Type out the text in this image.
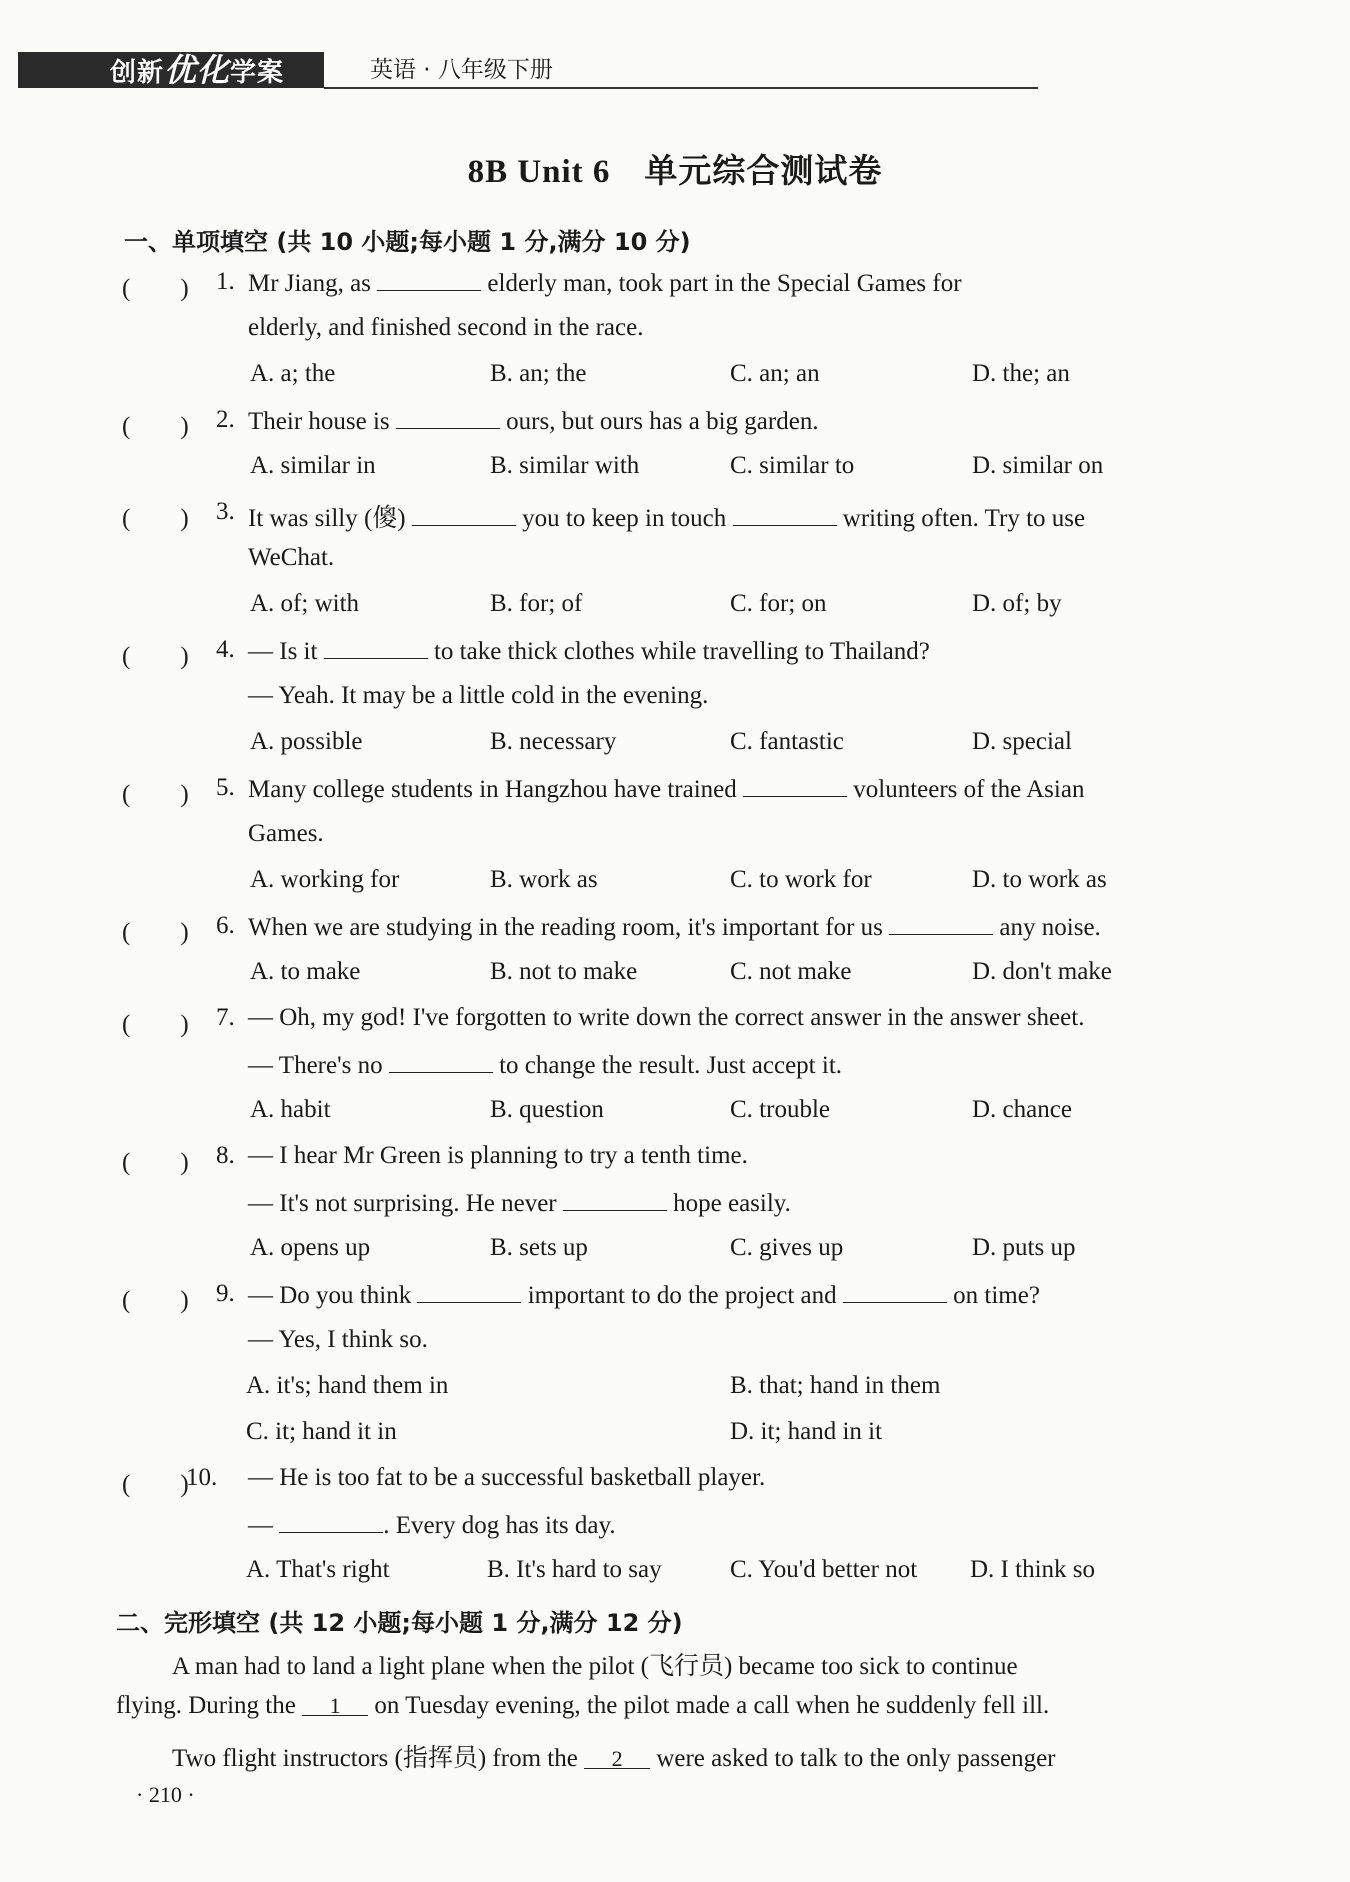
创新优化学案	英语 · 八年级下册
8B Unit 6　单元综合测试卷
一、单项填空 (共 10 小题;每小题 1 分,满分 10 分)
(　　) 1. Mr Jiang, as	elderly man, took part in the Special Games for
elderly, and finished second in the race.
A. a; the	B. an; the	C. an; an	D. the; an
(　　) 2. Their house is	ours, but ours has a big garden.
A. similar in	B. similar with	C. similar to	D. similar on
(　　) 3. It was silly (傻)	you to keep in touch	writing often. Try to use
WeChat.
A. of; with	B. for; of	C. for; on	D. of; by
(　　) 4. — Is it	to take thick clothes while travelling to Thailand?
— Yeah. It may be a little cold in the evening.
A. possible	B. necessary	C. fantastic	D. special
(　　) 5. Many college students in Hangzhou have trained	volunteers of the Asian
Games.
A. working for	B. work as	C. to work for	D. to work as
(　　) 6. When we are studying in the reading room, it's important for us	any noise.
A. to make	B. not to make	C. not make	D. don't make
(　　) 7. — Oh, my god! I've forgotten to write down the correct answer in the answer sheet.
— There's no	to change the result. Just accept it.
A. habit	B. question	C. trouble	D. chance
(　　) 8. — I hear Mr Green is planning to try a tenth time.
— It's not surprising. He never	hope easily.
A. opens up	B. sets up	C. gives up	D. puts up
(　　) 9. — Do you think	important to do the project and	on time?
— Yes, I think so.
A. it's; hand them in	B. that; hand in them
C. it; hand it in	D. it; hand in it
(　　)
10. — He is too fat to be a successful basketball player.
—	. Every dog has its day.
A. That's right	B. It's hard to say	C. You'd better not D. I think so
二、完形填空 (共 12 小题;每小题 1 分,满分 12 分)
A man had to land a light plane when the pilot (飞行员) became too sick to continue
flying. During the 1 on Tuesday evening, the pilot made a call when he suddenly fell ill.
Two flight instructors (指挥员) from the 2 were asked to talk to the only passenger
· 210 ·
